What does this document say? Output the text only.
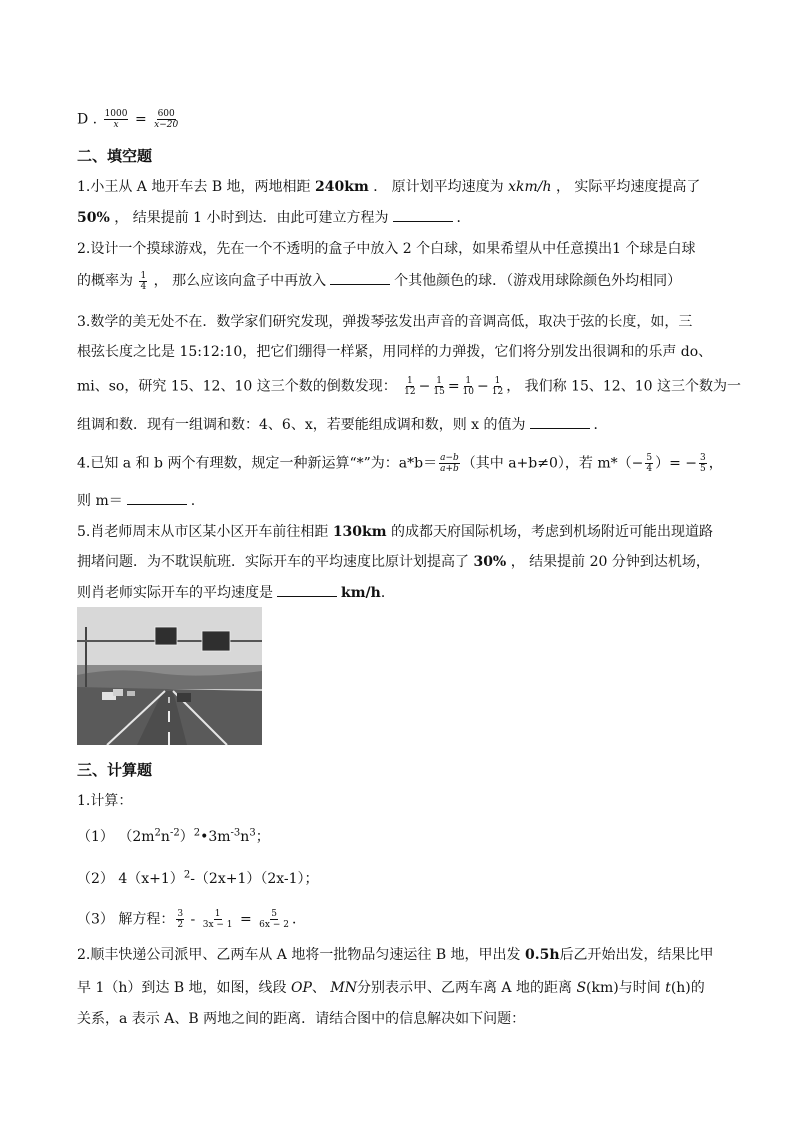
D . $\frac{1000}{x} = \frac{600}{x-20}$
二、填空题
1.小王从 A 地开车去 B 地，两地相距 240km ． 原计划平均速度为 xkm/h ， 实际平均速度提高了
50% ， 结果提前 1 小时到达．由此可建立方程为	．
2.设计一个摸球游戏，先在一个不透明的盒子中放入 2 个白球，如果希望从中任意摸出1 个球是白球
的概率为 $\frac{1}{4}$ ， 那么应该向盒子中再放入	个其他颜色的球．（游戏用球除颜色外均相同）
3.数学的美无处不在．数学家们研究发现，弹拨琴弦发出声音的音调高低，取决于弦的长度，如，三
根弦长度之比是 15:12:10，把它们绷得一样紧，用同样的力弹拨，它们将分别发出很调和的乐声 do、
mi、so，研究 15、12、10 这三个数的倒数发现： $\frac{1}{12} - \frac{1}{15} = \frac{1}{10} - \frac{1}{12}$ ， 我们称 15、12、10 这三个数为一
组调和数．现有一组调和数：4、6、x，若要能组成调和数，则 x 的值为	．
4.已知 a 和 b 两个有理数，规定一种新运算“*”为：$a*b= \frac{a-b}{a+b}$ （其中 a+b≠0），若 $m*(- \frac{5}{4}$ ）= − $\frac{3}{5}$ ，
则 m＝	.
5.肖老师周末从市区某小区开车前往相距 130km 的成都天府国际机场，考虑到机场附近可能出现道路
拥堵问题．为不耽误航班．实际开车的平均速度比原计划提高了 30% ， 结果提前 20 分钟到达机场，
则肖老师实际开车的平均速度是	km/h．
三、计算题
1.计算：
（1） $(2m^2n^{-2})^2•3m^{-3}n^3$；
（2） $4(x+1)^2-(2x+1)(2x-1)$；
（3） 解方程： $\frac{3}{2} - \frac{1}{3x - 1} = \frac{5}{6x - 2}$ ．
2.顺丰快递公司派甲、乙两车从 A 地将一批物品匀速运往 B 地，甲出发 0.5h后乙开始出发，结果比甲
早 1（h）到达 B 地，如图，线段 OP、 MN分别表示甲、乙两车离 A 地的距离 S(km)与时间 t(h)的
关系，a 表示 A、B 两地之间的距离．请结合图中的信息解决如下问题：
